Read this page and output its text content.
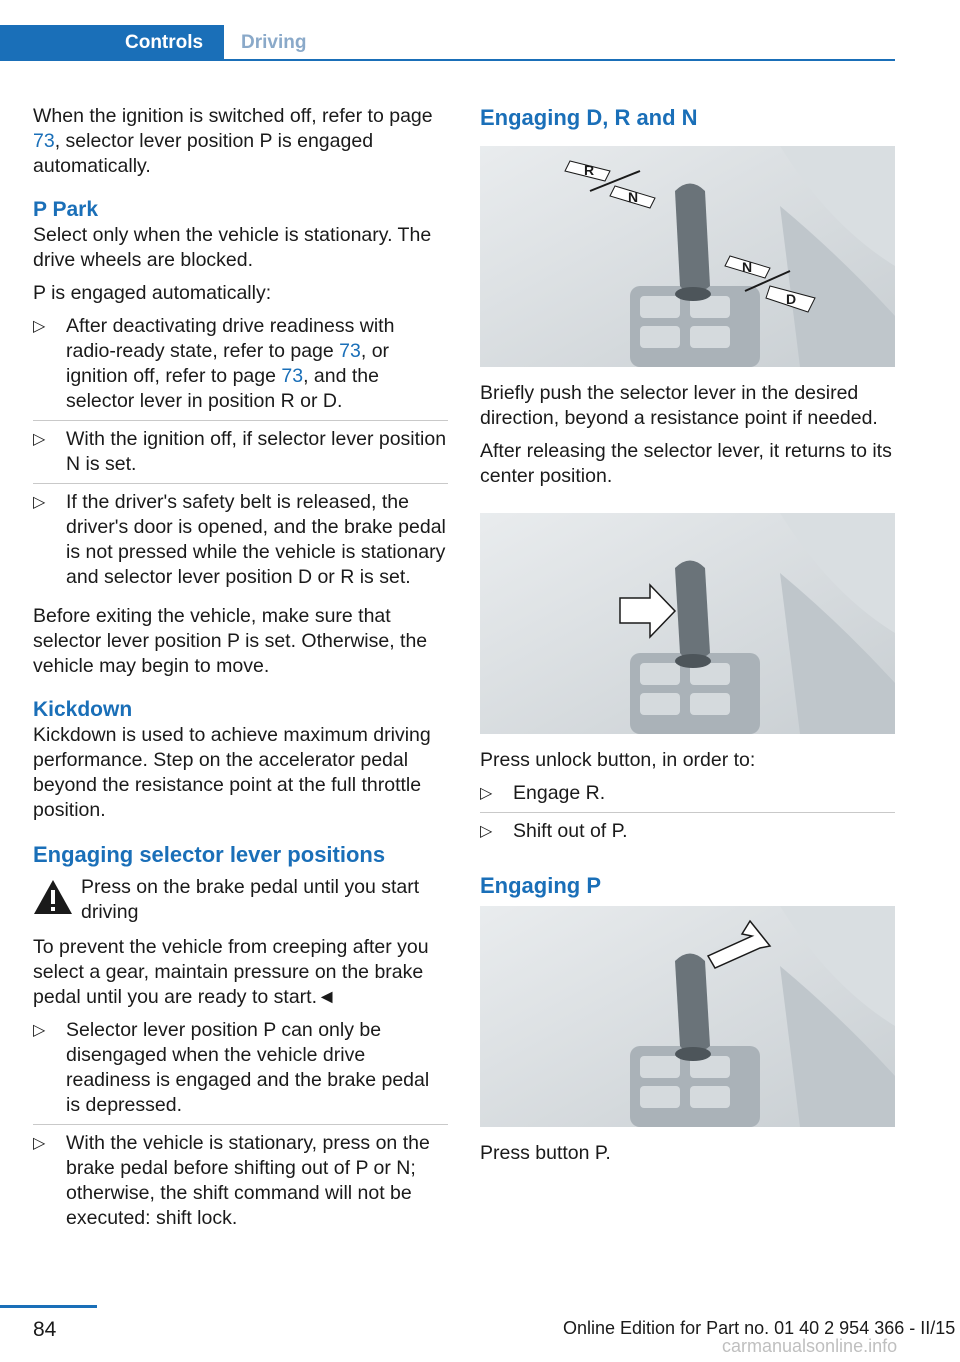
Controls	Driving

When the ignition is switched off, refer to page 73, selector lever position P is engaged automatically.

P Park

Select only when the vehicle is stationary. The drive wheels are blocked.

P is engaged automatically:

▷ After deactivating drive readiness with radio-ready state, refer to page 73, or ignition off, refer to page 73, and the selector lever in position R or D.
▷ With the ignition off, if selector lever position N is set.
▷ If the driver's safety belt is released, the driver's door is opened, and the brake pedal is not pressed while the vehicle is stationary and selector lever position D or R is set.

Before exiting the vehicle, make sure that selector lever position P is set. Otherwise, the vehicle may begin to move.

Kickdown

Kickdown is used to achieve maximum driving performance. Step on the accelerator pedal beyond the resistance point at the full throttle position.

Engaging selector lever positions
Press on the brake pedal until you start driving

To prevent the vehicle from creeping after you select a gear, maintain pressure on the brake pedal until you are ready to start.◄

▷ Selector lever position P can only be disengaged when the vehicle drive readiness is engaged and the brake pedal is depressed.
▷ With the vehicle is stationary, press on the brake pedal before shifting out of P or N; otherwise, the shift command will not be executed: shift lock.
Engaging D, R and N
R
N
N
D

Briefly push the selector lever in the desired direction, beyond a resistance point if needed.

After releasing the selector lever, it returns to its center position.

Press unlock button, in order to:

▷ Engage R.
▷ Shift out of P.
Engaging P

Press button P.

84	Online Edition for Part no. 01 40 2 954 366 - II/15
carmanualsonline.info
